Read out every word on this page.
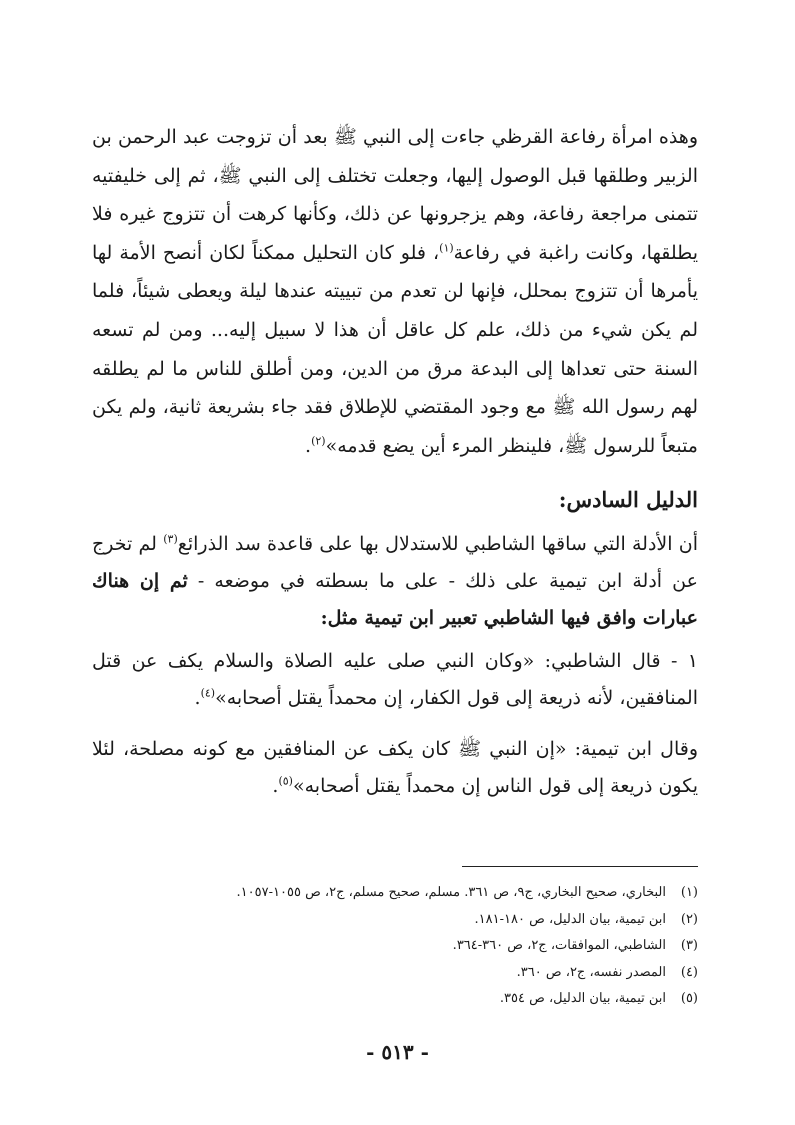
وهذه امرأة رفاعة القرظي جاءت إلى النبي ﷺ بعد أن تزوجت عبد الرحمن بن الزبير وطلقها قبل الوصول إليها، وجعلت تختلف إلى النبي ﷺ، ثم إلى خليفتيه تتمنى مراجعة رفاعة، وهم يزجرونها عن ذلك، وكأنها كرهت أن تتزوج غيره فلا يطلقها، وكانت راغبة في رفاعة$^{(١)}$، فلو كان التحليل ممكناً لكان أنصح الأمة لها يأمرها أن تتزوج بمحلل، فإنها لن تعدم من تبييته عندها ليلة ويعطى شيئاً، فلما لم يكن شيء من ذلك، علم كل عاقل أن هذا لا سبيل إليه... ومن لم تسعه السنة حتى تعداها إلى البدعة مرق من الدين، ومن أطلق للناس ما لم يطلقه لهم رسول الله ﷺ مع وجود المقتضي للإطلاق فقد جاء بشريعة ثانية، ولم يكن متبعاً للرسول ﷺ، فلينظر المرء أين يضع قدمه»$^{(٢)}$.

الدليل السادس:

أن الأدلة التي ساقها الشاطبي للاستدلال بها على قاعدة سد الذرائع$^{(٣)}$ لم تخرج عن أدلة ابن تيمية على ذلك - على ما بسطته في موضعه - ثم إن هناك عبارات وافق فيها الشاطبي تعبير ابن تيمية مثل:

١ - قال الشاطبي: «وكان النبي صلى عليه الصلاة والسلام يكف عن قتل المنافقين، لأنه ذريعة إلى قول الكفار، إن محمداً يقتل أصحابه»$^{(٤)}$.

وقال ابن تيمية: «إن النبي ﷺ كان يكف عن المنافقين مع كونه مصلحة، لئلا يكون ذريعة إلى قول الناس إن محمداً يقتل أصحابه»$^{(٥)}$.

(١)
البخاري، صحيح البخاري، ج٩، ص ٣٦١. مسلم، صحيح مسلم، ج٢، ص ١٠٥٥-١٠٥٧.
(٢)
ابن تيمية، بيان الدليل، ص ١٨٠-١٨١.
(٣)
الشاطبي، الموافقات، ج٢، ص ٣٦٠-٣٦٤.
(٤)
المصدر نفسه، ج٢، ص ٣٦٠.
(٥)
ابن تيمية، بيان الدليل، ص ٣٥٤.
- ٥١٣ -
